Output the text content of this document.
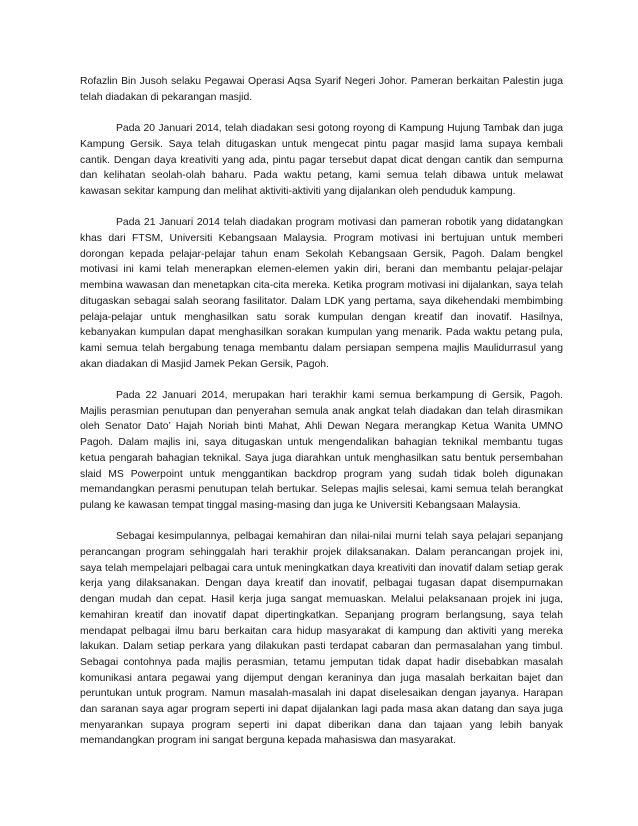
Rofazlin Bin Jusoh selaku Pegawai Operasi Aqsa Syarif Negeri Johor. Pameran berkaitan Palestin juga telah diadakan di pekarangan masjid.

Pada 20 Januari 2014, telah diadakan sesi gotong royong di Kampung Hujung Tambak dan juga Kampung Gersik. Saya telah ditugaskan untuk mengecat pintu pagar masjid lama supaya kembali cantik. Dengan daya kreativiti yang ada, pintu pagar tersebut dapat dicat dengan cantik dan sempurna dan kelihatan seolah-olah baharu. Pada waktu petang, kami semua telah dibawa untuk melawat kawasan sekitar kampung dan melihat aktiviti-aktiviti yang dijalankan oleh penduduk kampung.

Pada 21 Januari 2014 telah diadakan program motivasi dan pameran robotik yang didatangkan khas dari FTSM, Universiti Kebangsaan Malaysia. Program motivasi ini bertujuan untuk memberi dorongan kepada pelajar-pelajar tahun enam Sekolah Kebangsaan Gersik, Pagoh. Dalam bengkel motivasi ini kami telah menerapkan elemen-elemen yakin diri, berani dan membantu pelajar-pelajar membina wawasan dan menetapkan cita-cita mereka. Ketika program motivasi ini dijalankan, saya telah ditugaskan sebagai salah seorang fasilitator. Dalam LDK yang pertama, saya dikehendaki membimbing pelaja-pelajar untuk menghasilkan satu sorak kumpulan dengan kreatif dan inovatif. Hasilnya, kebanyakan kumpulan dapat menghasilkan sorakan kumpulan yang menarik. Pada waktu petang pula, kami semua telah bergabung tenaga membantu dalam persiapan sempena majlis Maulidurrasul yang akan diadakan di Masjid Jamek Pekan Gersik, Pagoh.

Pada 22 Januari 2014, merupakan hari terakhir kami semua berkampung di Gersik, Pagoh. Majlis perasmian penutupan dan penyerahan semula anak angkat telah diadakan dan telah dirasmikan oleh Senator Dato’ Hajah Noriah binti Mahat, Ahli Dewan Negara merangkap Ketua Wanita UMNO Pagoh. Dalam majlis ini, saya ditugaskan untuk mengendalikan bahagian teknikal membantu tugas ketua pengarah bahagian teknikal. Saya juga diarahkan untuk menghasilkan satu bentuk persembahan slaid MS Powerpoint untuk menggantikan backdrop program yang sudah tidak boleh digunakan memandangkan perasmi penutupan telah bertukar. Selepas majlis selesai, kami semua telah berangkat pulang ke kawasan tempat tinggal masing-masing dan juga ke Universiti Kebangsaan Malaysia.

Sebagai kesimpulannya, pelbagai kemahiran dan nilai-nilai murni telah saya pelajari sepanjang perancangan program sehinggalah hari terakhir projek dilaksanakan. Dalam perancangan projek ini, saya telah mempelajari pelbagai cara untuk meningkatkan daya kreativiti dan inovatif dalam setiap gerak kerja yang dilaksanakan. Dengan daya kreatif dan inovatif, pelbagai tugasan dapat disempurnakan dengan mudah dan cepat. Hasil kerja juga sangat memuaskan. Melalui pelaksanaan projek ini juga, kemahiran kreatif dan inovatif dapat dipertingkatkan. Sepanjang program berlangsung, saya telah mendapat pelbagai ilmu baru berkaitan cara hidup masyarakat di kampung dan aktiviti yang mereka lakukan. Dalam setiap perkara yang dilakukan pasti terdapat cabaran dan permasalahan yang timbul. Sebagai contohnya pada majlis perasmian, tetamu jemputan tidak dapat hadir disebabkan masalah komunikasi antara pegawai yang dijemput dengan keraninya dan juga masalah berkaitan bajet dan peruntukan untuk program. Namun masalah-masalah ini dapat diselesaikan dengan jayanya. Harapan dan saranan saya agar program seperti ini dapat dijalankan lagi pada masa akan datang dan saya juga menyarankan supaya program seperti ini dapat diberikan dana dan tajaan yang lebih banyak memandangkan program ini sangat berguna kepada mahasiswa dan masyarakat.
